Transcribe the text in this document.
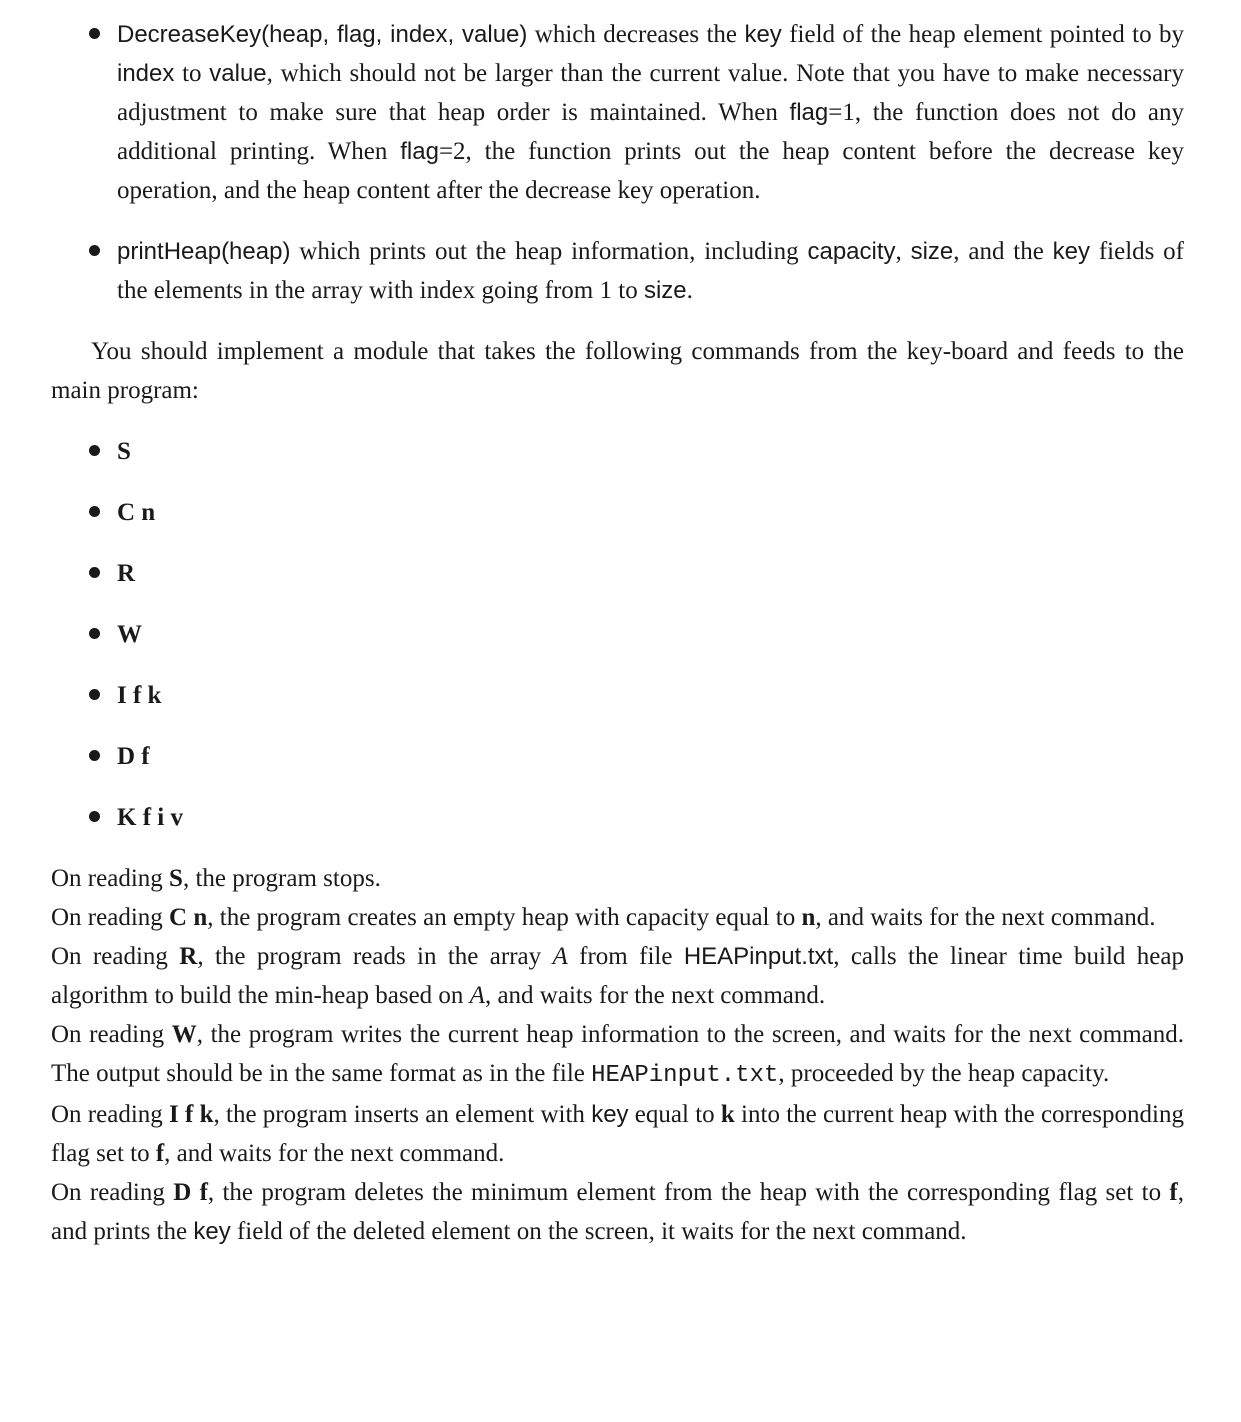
DecreaseKey(heap, flag, index, value) which decreases the key field of the heap element pointed to by index to value, which should not be larger than the current value. Note that you have to make necessary adjustment to make sure that heap order is maintained. When flag=1, the function does not do any additional printing. When flag=2, the function prints out the heap content before the decrease key operation, and the heap content after the decrease key operation.
printHeap(heap) which prints out the heap information, including capacity, size, and the key fields of the elements in the array with index going from 1 to size.

You should implement a module that takes the following commands from the key-board and feeds to the main program:

S
C n
R
W
I f k
D f
K f i v

On reading S, the program stops.

On reading C n, the program creates an empty heap with capacity equal to n, and waits for the next command.

On reading R, the program reads in the array A from file HEAPinput.txt, calls the linear time build heap algorithm to build the min-heap based on A, and waits for the next command.

On reading W, the program writes the current heap information to the screen, and waits for the next command. The output should be in the same format as in the file HEAPinput.txt, proceeded by the heap capacity.

On reading I f k, the program inserts an element with key equal to k into the current heap with the corresponding flag set to f, and waits for the next command.

On reading D f, the program deletes the minimum element from the heap with the corresponding flag set to f, and prints the key field of the deleted element on the screen, it waits for the next command.
